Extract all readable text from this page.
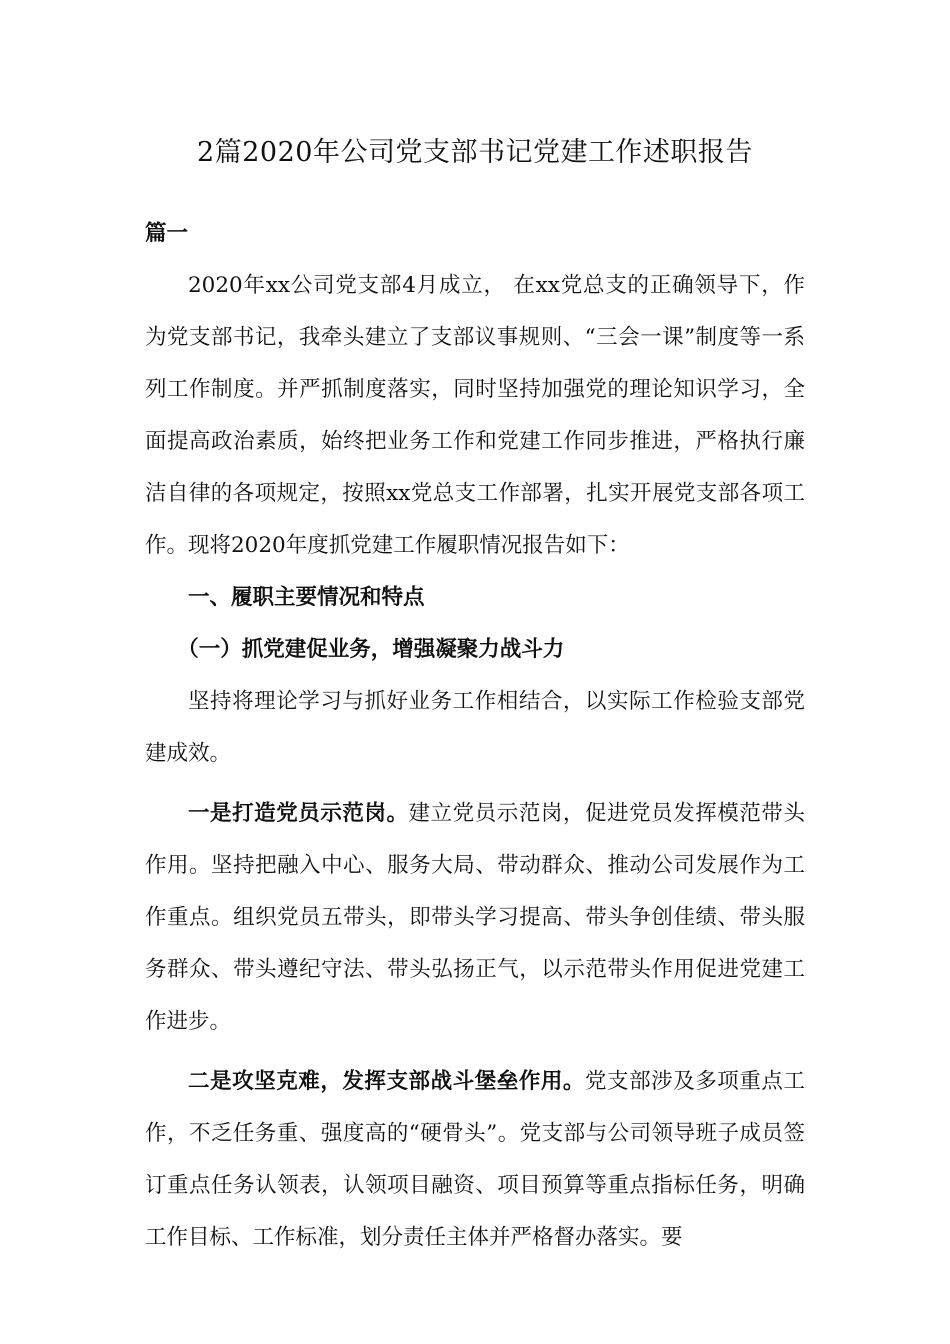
2篇2020年公司党支部书记党建工作述职报告

篇一

2020年xx公司党支部4月成立， 在xx党总支的正确领导下，作为党支部书记，我牵头建立了支部议事规则、“三会一课”制度等一系列工作制度。并严抓制度落实，同时坚持加强党的理论知识学习，全面提高政治素质，始终把业务工作和党建工作同步推进，严格执行廉洁自律的各项规定，按照xx党总支工作部署，扎实开展党支部各项工作。现将2020年度抓党建工作履职情况报告如下：

一、履职主要情况和特点

（一）抓党建促业务，增强凝聚力战斗力

坚持将理论学习与抓好业务工作相结合，以实际工作检验支部党建成效。

一是打造党员示范岗。建立党员示范岗，促进党员发挥模范带头作用。坚持把融入中心、服务大局、带动群众、推动公司发展作为工作重点。组织党员五带头，即带头学习提高、带头争创佳绩、带头服务群众、带头遵纪守法、带头弘扬正气，以示范带头作用促进党建工作进步。

二是攻坚克难，发挥支部战斗堡垒作用。党支部涉及多项重点工作，不乏任务重、强度高的“硬骨头”。党支部与公司领导班子成员签订重点任务认领表，认领项目融资、项目预算等重点指标任务，明确工作目标、工作标准，划分责任主体并严格督办落实。要
